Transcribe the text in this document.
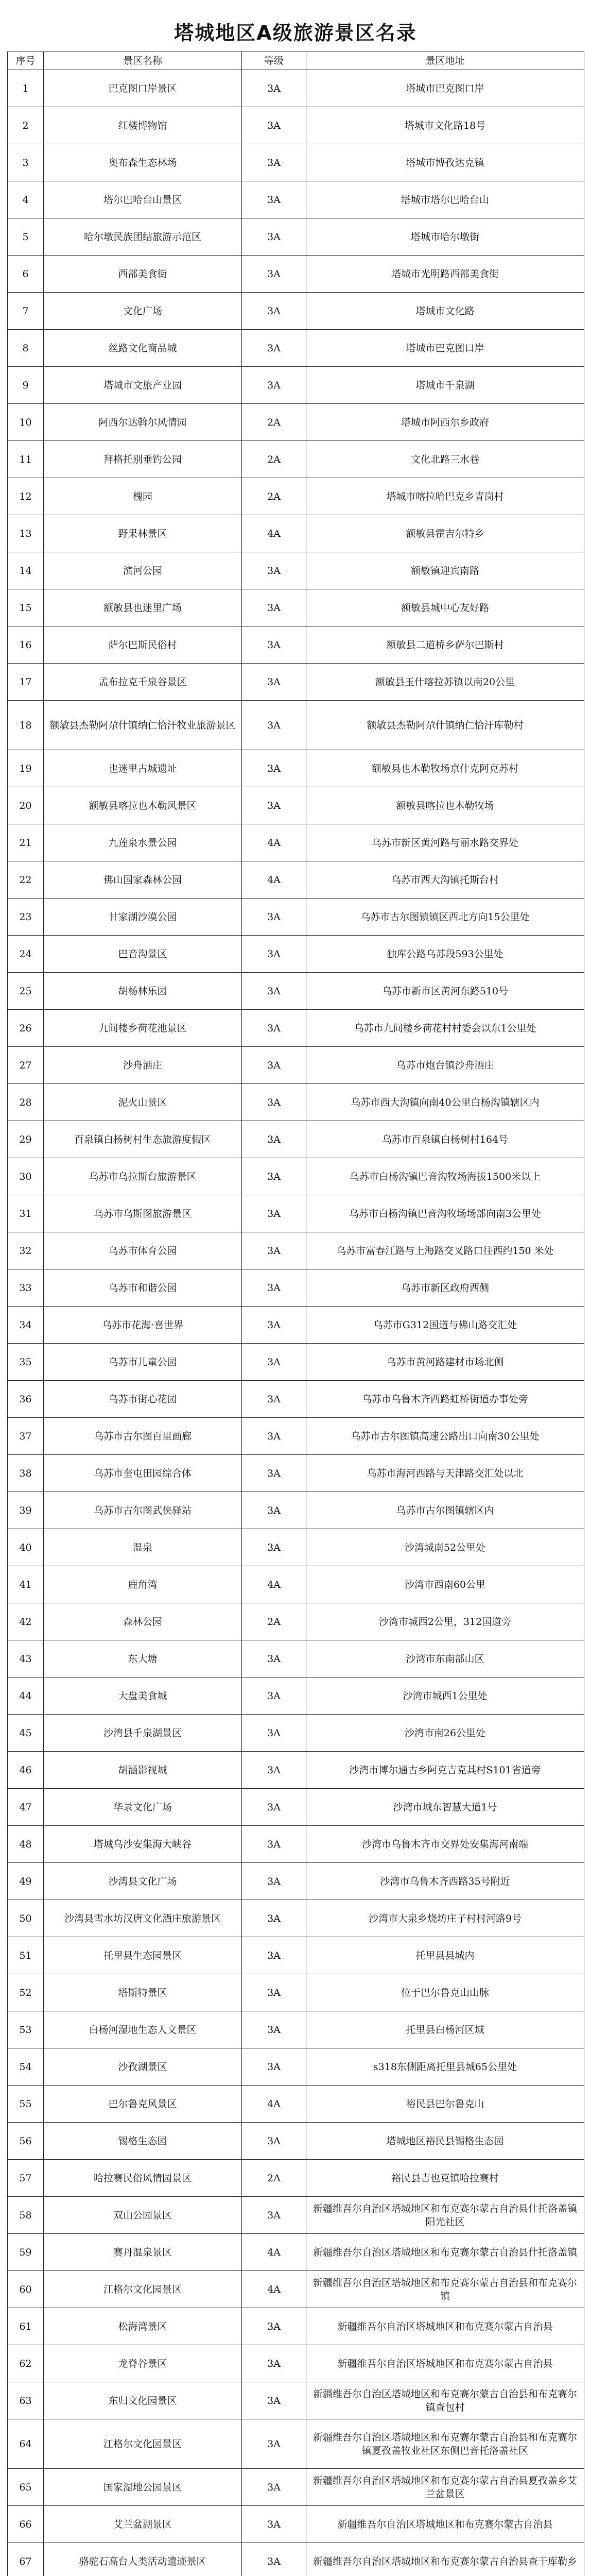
塔城地区A级旅游景区名录
序号	景区名称	等级	景区地址
1	巴克图口岸景区	3A	塔城市巴克图口岸
2	红楼博物馆	3A	塔城市文化路18号
3	奥布森生态林场	3A	塔城市博孜达克镇
4	塔尔巴哈台山景区	3A	塔城市塔尔巴哈台山
5	哈尔墩民族团结旅游示范区	3A	塔城市哈尔墩街
6	西部美食街	3A	塔城市光明路西部美食街
7	文化广场	3A	塔城市文化路
8	丝路文化商品城	3A	塔城市巴克图口岸
9	塔城市文旅产业园	3A	塔城市千泉湖
10	阿西尔达斡尔风情园	2A	塔城市阿西尔乡政府
11	拜格托别垂钓公园	2A	文化北路三水巷
12	槐园	2A	塔城市喀拉哈巴克乡青岗村
13	野果林景区	4A	额敏县霍吉尔特乡
14	滨河公园	3A	额敏镇迎宾南路
15	额敏县也迷里广场	3A	额敏县城中心友好路
16	萨尔巴斯民俗村	3A	额敏县二道桥乡萨尔巴斯村
17	孟布拉克千泉谷景区	3A	额敏县玉什喀拉苏镇以南20公里
18	额敏县杰勒阿尕什镇纳仁恰汗牧业旅游景区	3A	额敏县杰勒阿尕什镇纳仁恰汗库勒村
19	也迷里古城遗址	3A	额敏县也木勒牧场京什克阿克苏村
20	额敏县喀拉也木勒风景区	3A	额敏县喀拉也木勒牧场
21	九莲泉水景公园	4A	乌苏市新区黄河路与丽水路交界处
22	佛山国家森林公园	4A	乌苏市西大沟镇托斯台村
23	甘家湖沙漠公园	3A	乌苏市古尔图镇镇区西北方向15公里处
24	巴音沟景区	3A	独库公路乌苏段593公里处
25	胡杨林乐园	3A	乌苏市新市区黄河东路510号
26	九间楼乡荷花池景区	3A	乌苏市九间楼乡荷花村村委会以东1公里处
27	沙舟酒庄	3A	乌苏市炮台镇沙舟酒庄
28	泥火山景区	3A	乌苏市西大沟镇向南40公里白杨沟镇辖区内
29	百泉镇白杨树村生态旅游度假区	3A	乌苏市百泉镇白杨树村164号
30	乌苏市乌拉斯台旅游景区	3A	乌苏市白杨沟镇巴音沟牧场海拔1500米以上
31	乌苏市乌斯图旅游景区	3A	乌苏市白杨沟镇巴音沟牧场场部向南3公里处
32	乌苏市体育公园	3A	乌苏市富春江路与上海路交叉路口往西约150 米处
33	乌苏市和谐公园	3A	乌苏市新区政府西侧
34	乌苏市花海·喜世界	3A	乌苏市G312国道与佛山路交汇处
35	乌苏市儿童公园	3A	乌苏市黄河路建材市场北侧
36	乌苏市街心花园	3A	乌苏市乌鲁木齐西路虹桥街道办事处旁
37	乌苏市古尔图百里画廊	3A	乌苏市古尔图镇高速公路出口向南30公里处
38	乌苏市奎屯田园综合体	3A	乌苏市海河西路与天津路交汇处以北
39	乌苏市古尔图武侠驿站	3A	乌苏市古尔图镇辖区内
40	温泉	3A	沙湾城南52公里处
41	鹿角湾	4A	沙湾市西南60公里
42	森林公园	2A	沙湾市城西2公里，312国道旁
43	东大塘	3A	沙湾市东南部山区
44	大盘美食城	3A	沙湾市城西1公里处
45	沙湾县千泉湖景区	3A	沙湾市南26公里处
46	胡涵影视城	3A	沙湾市博尔通古乡阿克吉克其村S101省道旁
47	华录文化广场	3A	沙湾市城东智慧大道1号
48	塔城乌沙安集海大峡谷	3A	沙湾市乌鲁木齐市交界处安集海河南端
49	沙湾县文化广场	3A	沙湾市乌鲁木齐西路35号附近
50	沙湾县雪水坊汉唐文化酒庄旅游景区	3A	沙湾市大泉乡烧坊庄子村村河路9号
51	托里县生态园景区	3A	托里县县城内
52	塔斯特景区	3A	位于巴尔鲁克山山脉
53	白杨河湿地生态人文景区	3A	托里县白杨河区域
54	沙孜湖景区	3A	s318东侧距离托里县城65公里处
55	巴尔鲁克风景区	4A	裕民县巴尔鲁克山
56	锡格生态园	3A	塔城地区裕民县锡格生态园
57	哈拉赛民俗风情园景区	2A	裕民县吉也克镇哈拉赛村
58	双山公园景区	3A	新疆维吾尔自治区塔城地区和布克赛尔蒙古自治县什托洛盖镇阳光社区
59	赛丹温泉景区	4A	新疆维吾尔自治区塔城地区和布克赛尔蒙古自治县什托洛盖镇
60	江格尔文化园景区	4A	新疆维吾尔自治区塔城地区和布克赛尔蒙古自治县和布克赛尔镇
61	松海湾景区	3A	新疆维吾尔自治区塔城地区和布克赛尔蒙古自治县
62	龙脊谷景区	3A	新疆维吾尔自治区塔城地区和布克赛尔蒙古自治县
63	东归文化园景区	3A	新疆维吾尔自治区塔城地区和布克赛尔蒙古自治县和布克赛尔镇查包村
64	江格尔文化园景区	3A	新疆维吾尔自治区塔城地区和布克赛尔蒙古自治县和布克赛尔镇夏孜盖牧业社区东侧巴音托洛盖社区
65	国家湿地公园景区	3A	新疆维吾尔自治区塔城地区和布克赛尔蒙古自治县夏孜盖乡艾兰盆景区
66	艾兰盆湖景区	3A	新疆维吾尔自治区塔城地区和布克赛尔蒙古自治县
67	骆驼石高台人类活动遗迹景区	3A	新疆维吾尔自治区塔城地区和布克赛尔蒙古自治县查干库勒乡
